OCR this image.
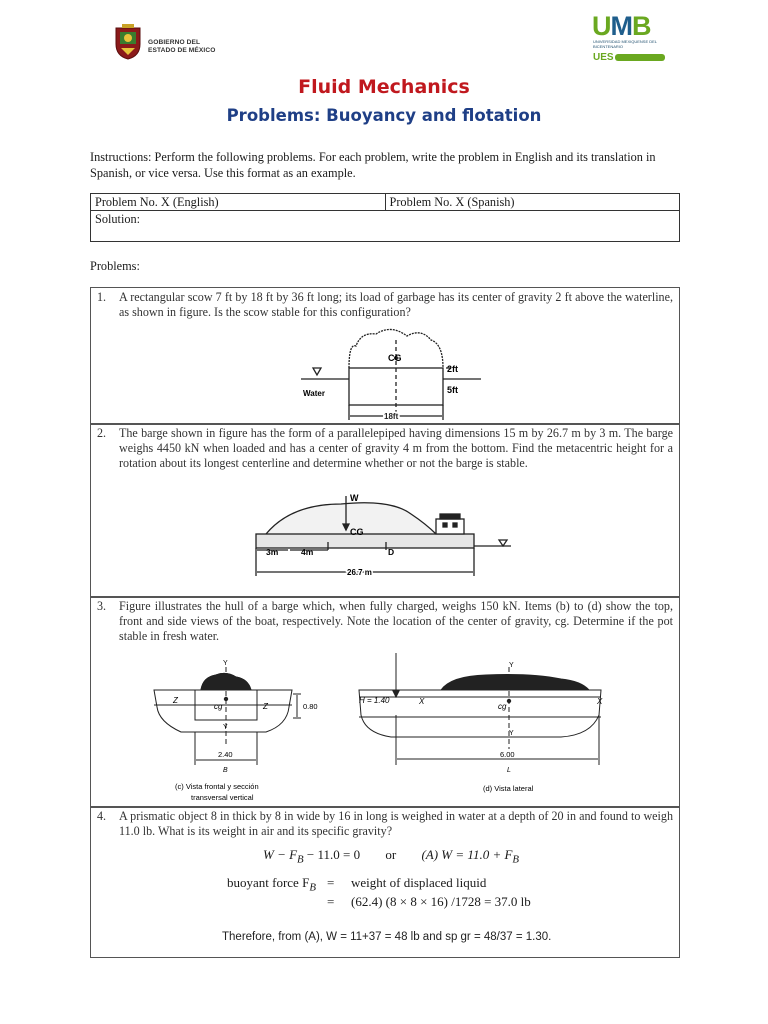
GOBIERNO DEL
ESTADO DE MÉXICO
UMB
UNIVERSIDAD MEXIQUENSE DEL BICENTENARIO
UES
Fluid Mechanics
Problems: Buoyancy and flotation
Instructions: Perform the following problems. For each problem, write the problem in English and its translation in Spanish, or vice versa. Use this format as an example.
Problem No. X (English)	Problem No. X (Spanish)
Solution:
Problems:
1.	A rectangular scow 7 ft by 18 ft by 36 ft long; its load of garbage has its center of gravity 2 ft above the waterline, as shown in figure. Is the scow stable for this configuration?
CG
2ft
5ft
Water
18ft
2.	The barge shown in figure has the form of a parallelepiped having dimensions 15 m by 26.7 m by 3 m. The barge weighs 4450 kN when loaded and has a center of gravity 4 m from the bottom. Find the metacentric height for a rotation about its longest centerline and determine whether or not the barge is stable.
W
CG
3m	4m	D
26.7 m
3.	Figure illustrates the hull of a barge which, when fully charged, weighs 150 kN. Items (b) to (d) show the top, front and side views of the boat, respectively. Note the location of the center of gravity, cg. Determine if the pot stable in fresh water.
Y
Z
cg	Z
Y
0.80
2.40
B
Y
H = 1.40	X
cg
X
Y
6.00
L
(c) Vista frontal y sección
transversal vertical
(d) Vista lateral
4.	A prismatic object 8 in thick by 8 in wide by 16 in long is weighed in water at a depth of 20 in and found to weigh 11.0 lb. What is its weight in air and its specific gravity?
$W - F_B - 11.0 = 0$ or (A) $W = 11.0 + F_B$
buoyant force $F_B$ = weight of displaced liquid
= (62.4) (8 × 8 × 16) /1728 = 37.0 lb
Therefore, from (A), W = 11+37 = 48 lb and sp gr = 48/37 = 1.30.
